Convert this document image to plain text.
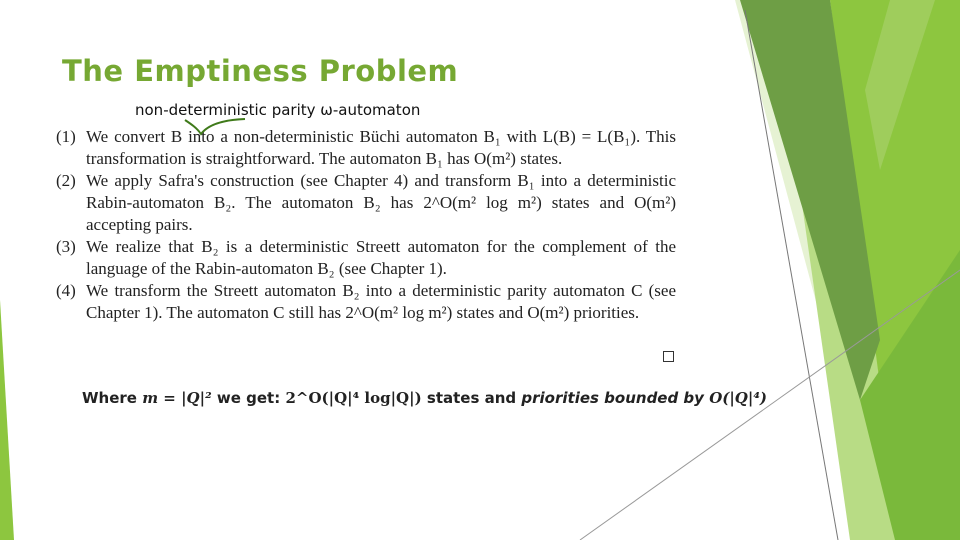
The Emptiness Problem
non-deterministic parity ω-automaton
(1) We convert B into a non-deterministic Büchi automaton B₁ with L(B) = L(B₁). This transformation is straightforward. The automaton B₁ has O(m²) states.
(2) We apply Safra's construction (see Chapter 4) and transform B₁ into a deterministic Rabin-automaton B₂. The automaton B₂ has 2^O(m² log m²) states and O(m²) accepting pairs.
(3) We realize that B₂ is a deterministic Streett automaton for the complement of the language of the Rabin-automaton B₂ (see Chapter 1).
(4) We transform the Streett automaton B₂ into a deterministic parity automaton C (see Chapter 1). The automaton C still has 2^O(m² log m²) states and O(m²) priorities.
Where m = |Q|² we get: 2^O(|Q|⁴ log|Q|) states and priorities bounded by O(|Q|⁴)
